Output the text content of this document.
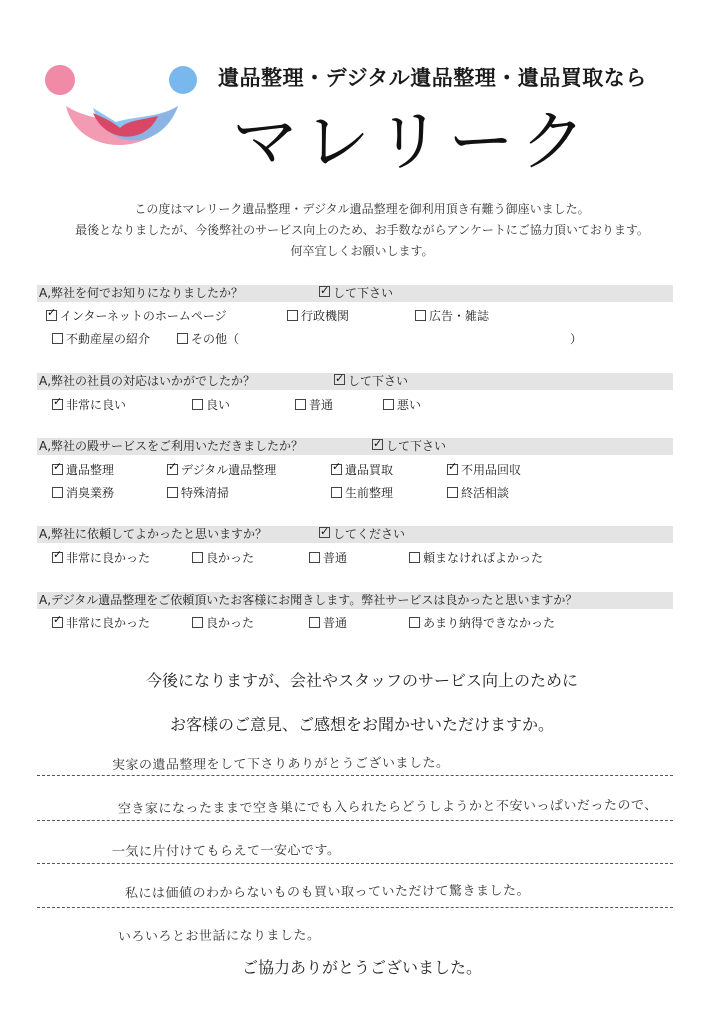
遺品整理・デジタル遺品整理・遺品買取なら
マレリーク
この度はマレリーク遺品整理・デジタル遺品整理を御利用頂き有難う御座いました。
最後となりましたが、今後弊社のサービス向上のため、お手数ながらアンケートにご協力頂いております。
何卒宜しくお願いします。
A,弊社を何でお知りになりましたか？ ✓	して下さい
✓
インターネットのホームページ	行政機関	広告・雑誌
不動産屋の紹介	その他（	）
A,弊社の社員の対応はいかがでしたか？ ✓	して下さい
✓
非常に良い	良い	普通	悪い
A,弊社の殿サービスをご利用いただきましたか？ ✓	して下さい
✓
遺品整理 ✓	デジタル遺品整理 ✓	遺品買取 ✓	不用品回収
消臭業務	特殊清掃	生前整理	終活相談
A,弊社に依頼してよかったと思いますか？ ✓	してください
✓
非常に良かった	良かった	普通	頼まなければよかった
A,デジタル遺品整理をご依頼頂いたお客様にお聞きします。弊社サービスは良かったと思いますか？
✓
非常に良かった	良かった	普通	あまり納得できなかった
今後になりますが、会社やスタッフのサービス向上のために
お客様のご意見、ご感想をお聞かせいただけますか。
実家の遺品整理をして下さりありがとうございました。
空き家になったままで空き巣にでも入られたらどうしようかと不安いっぱいだったので、
一気に片付けてもらえて一安心です。
私には価値のわからないものも買い取っていただけて驚きました。
いろいろとお世話になりました。
ご協力ありがとうございました。
